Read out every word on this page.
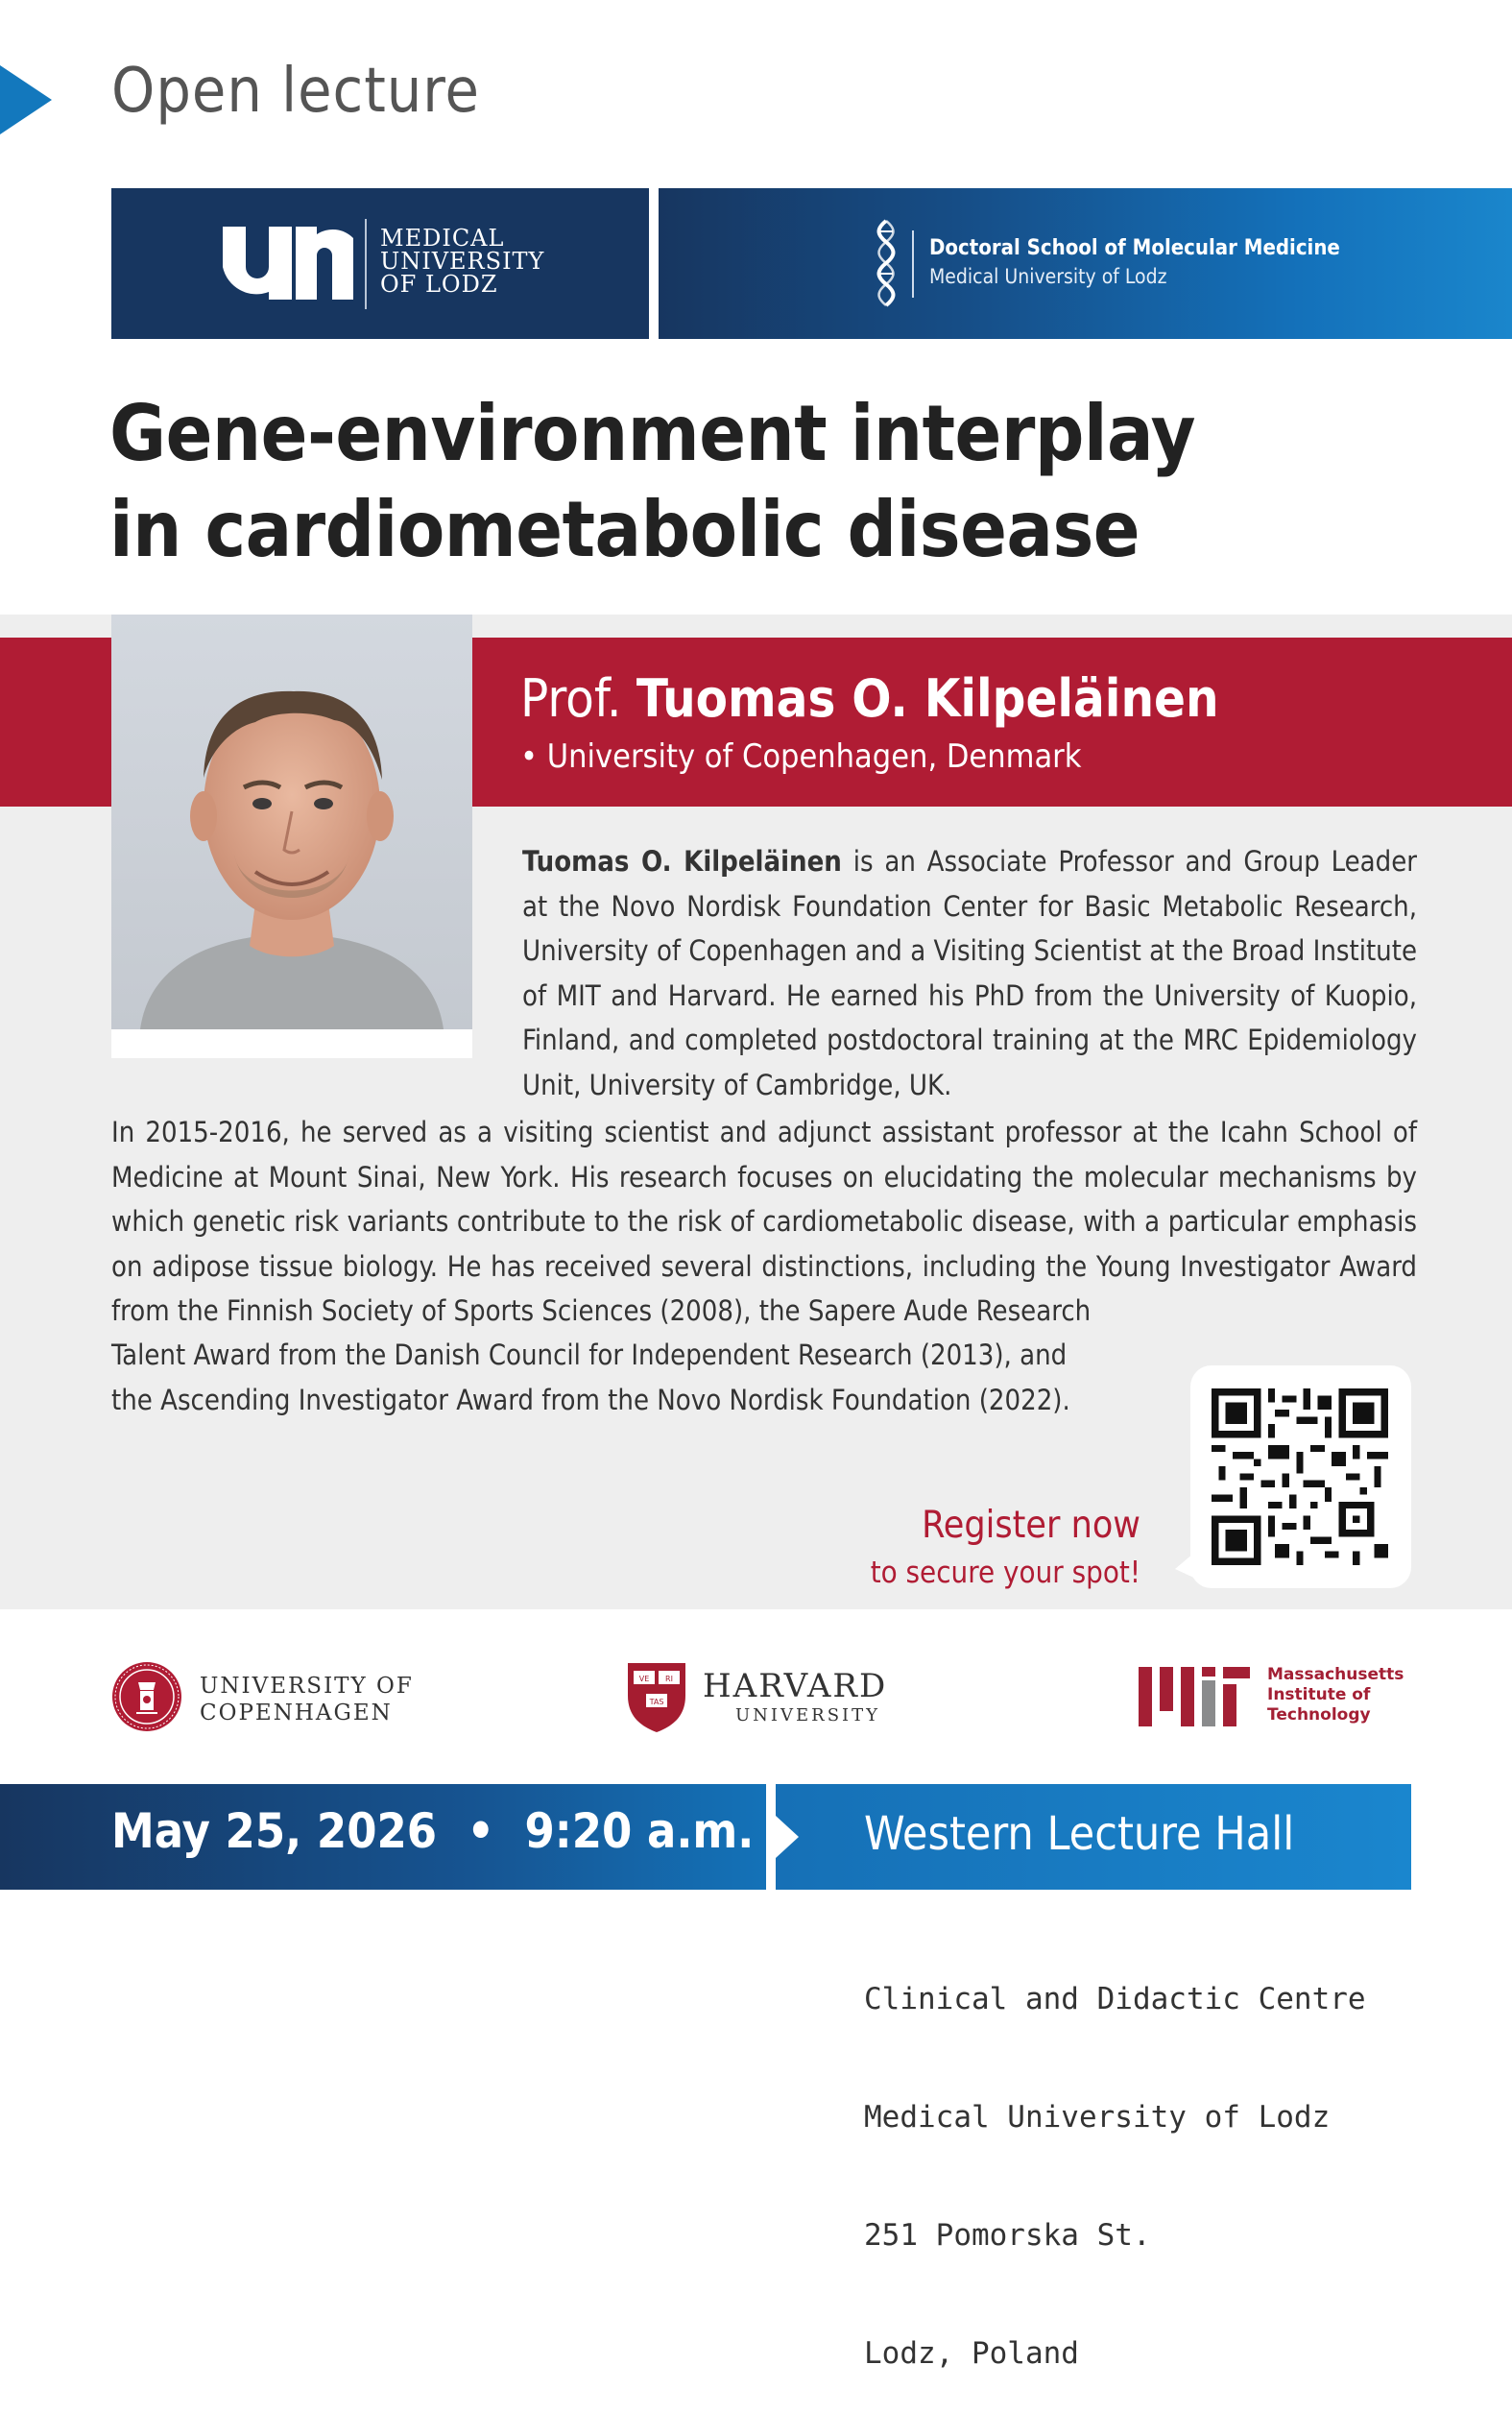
Open lecture
MEDICAL
UNIVERSITY
OF LODZ
Doctoral School of Molecular Medicine
Medical University of Lodz
Gene-environment interplay
in cardiometabolic disease
Prof. Tuomas O. Kilpeläinen
• University of Copenhagen, Denmark
Tuomas O. Kilpeläinen is an Associate Professor and Group Leader at the Novo Nordisk Foundation Center for Basic Metabolic Research, University of Copenhagen and a Visiting Scientist at the Broad Institute of MIT and Harvard. He earned his PhD from the University of Kuopio, Finland, and completed postdoctoral training at the MRC Epidemiology Unit, University of Cambridge, UK.
In 2015-2016, he served as a visiting scientist and adjunct assistant professor at the Icahn School of Medicine at Mount Sinai, New York. His research focuses on elucidating the molecular mechanisms by which genetic risk variants contribute to the risk of cardiometabolic disease, with a particular emphasis on adipose tissue biology. He has received several distinctions, including the Young Investigator Award from the Finnish Society of Sports Sciences (2008), the Sapere Aude Research
Talent Award from the Danish Council for Independent Research (2013), and
the Ascending Investigator Award from the Novo Nordisk Foundation (2022).
Register now
to secure your spot!
UNIVERSITY OF
COPENHAGEN
VE RI
TAS HARVARD
UNIVERSITY
Massachusetts
Institute of
Technology
May 25, 2026  •  9:20 a.m. Western Lecture Hall

Clinical and Didactic Centre

Medical University of Lodz

251 Pomorska St.

Lodz, Poland
